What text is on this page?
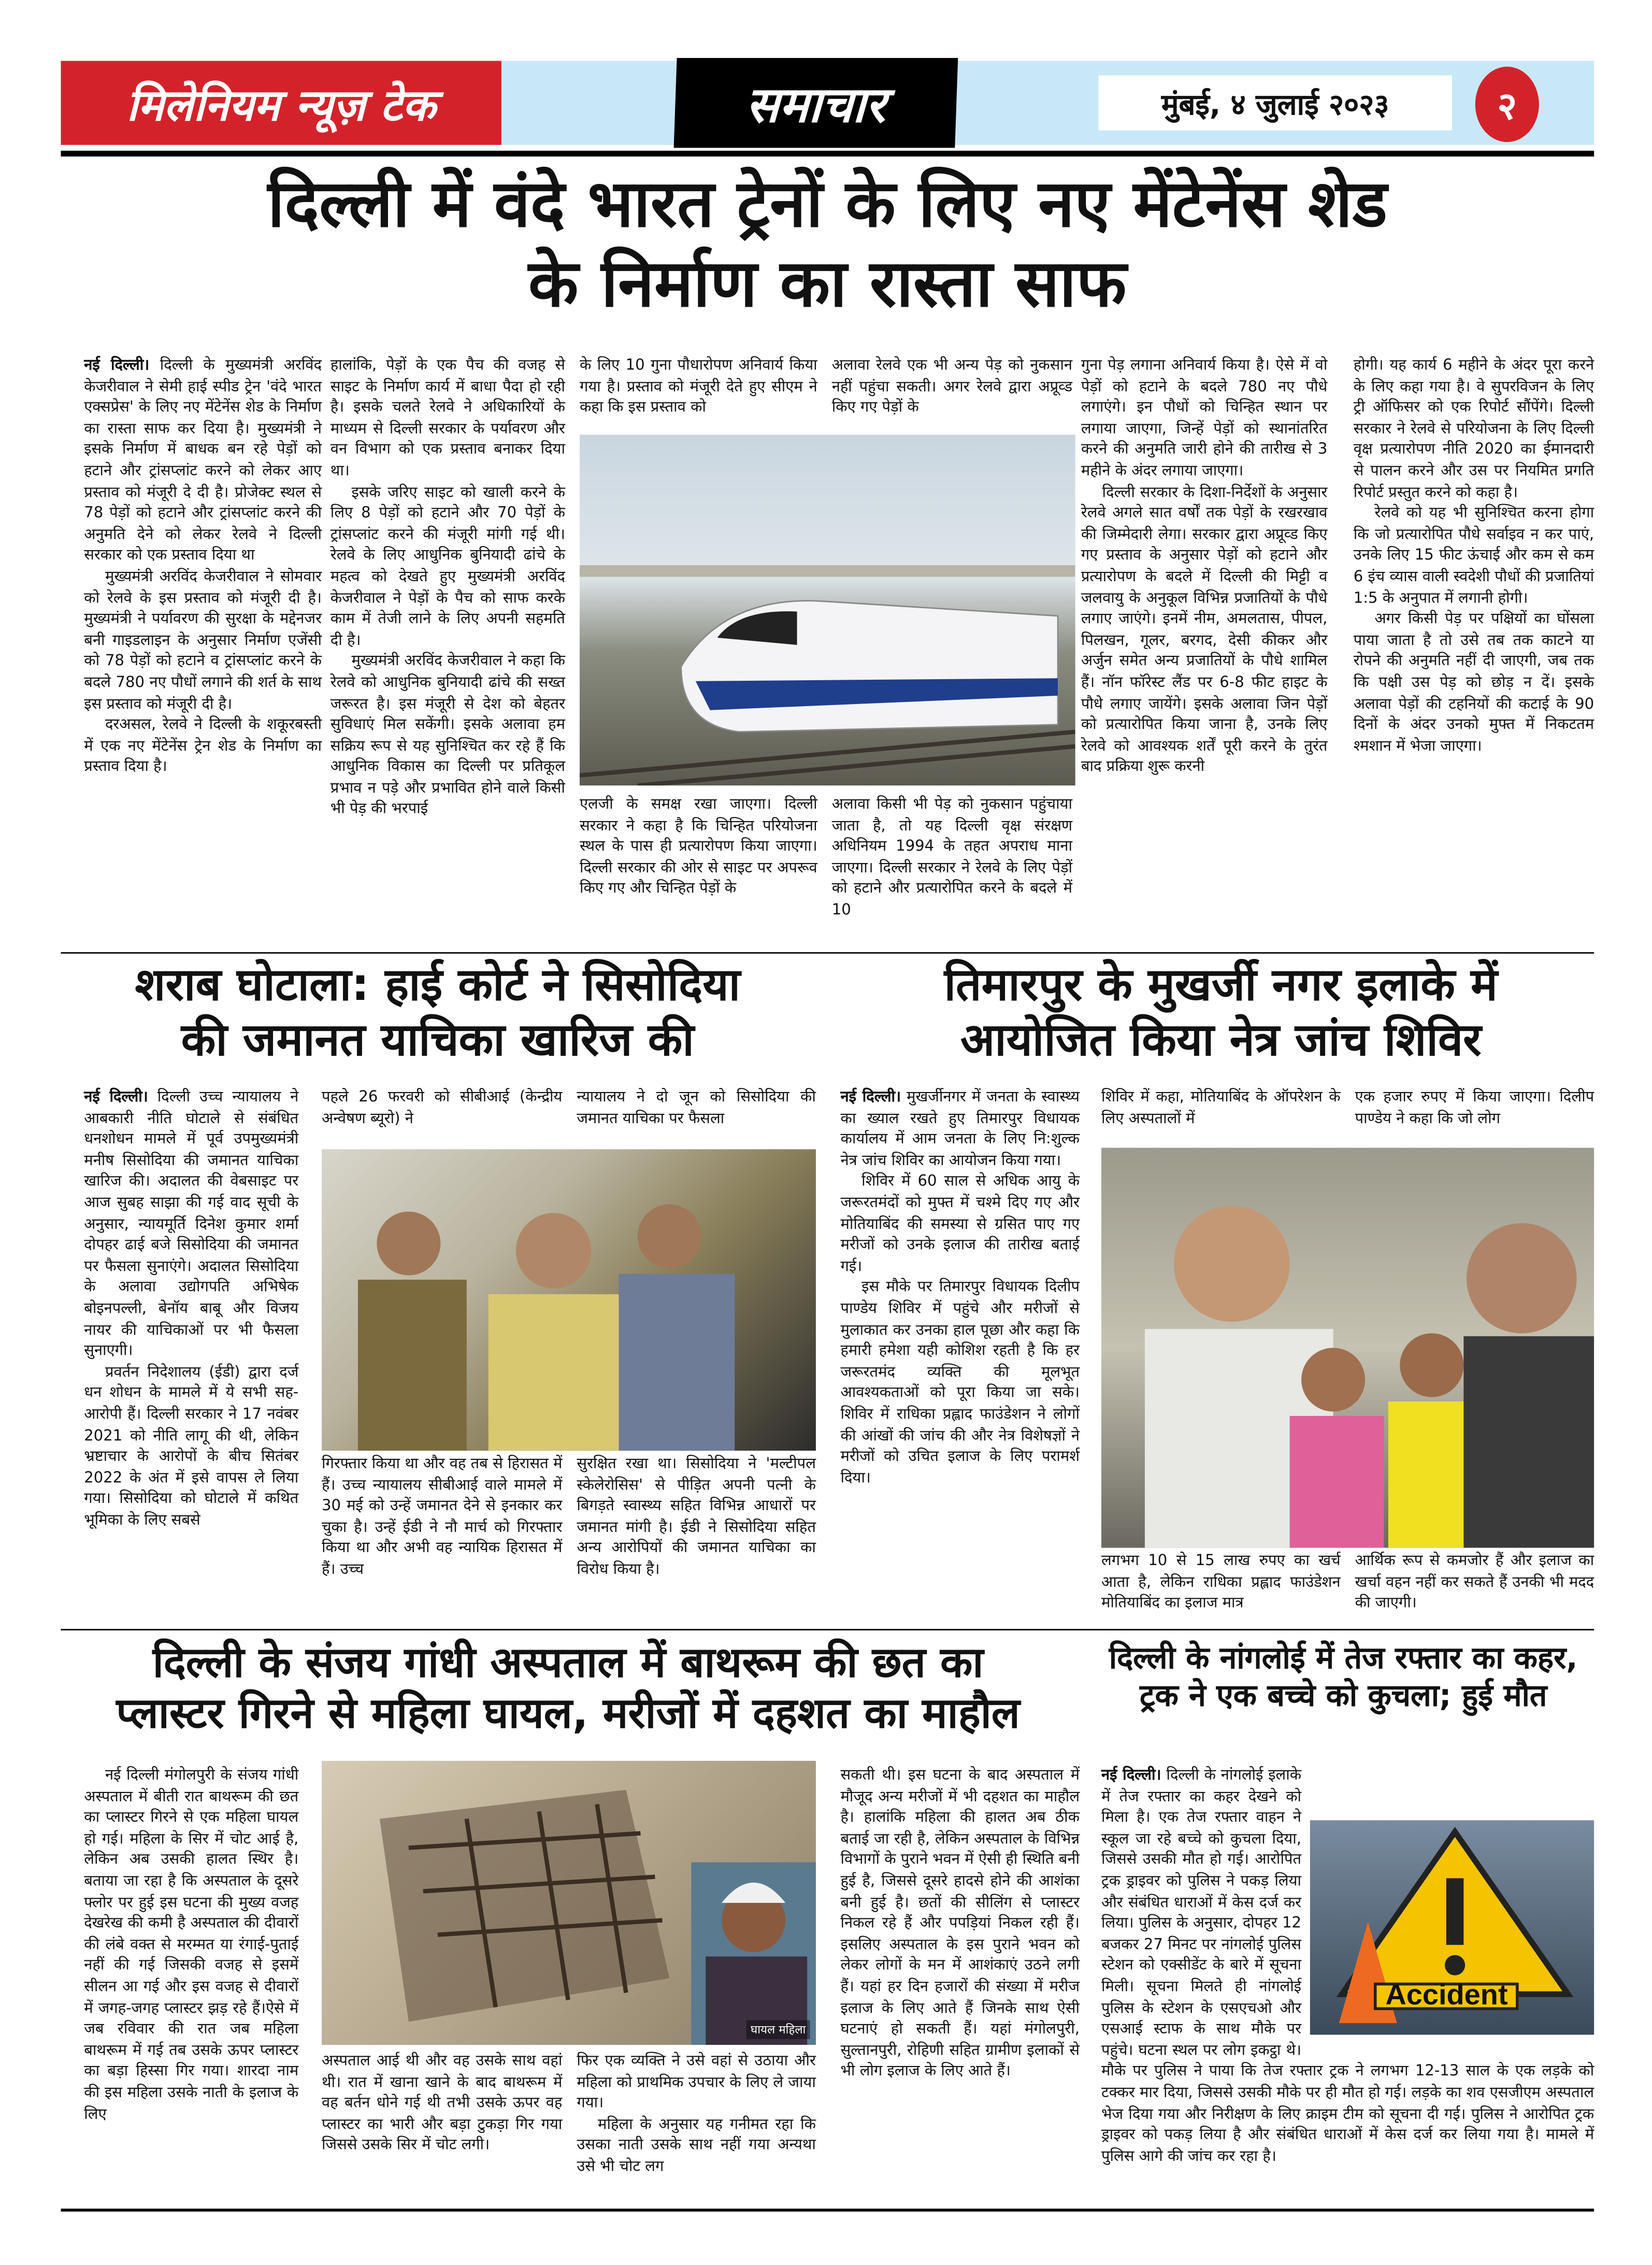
मिलेनियम न्यूज़ टेक	समाचार	मुंबई, ४ जुलाई २०२३	२
दिल्ली में वंदे भारत ट्रेनों के लिए नए मेंटेनेंस शेड
के निर्माण का रास्ता साफ

नई दिल्ली। दिल्ली के मुख्यमंत्री अरविंद केजरीवाल ने सेमी हाई स्पीड ट्रेन 'वंदे भारत एक्सप्रेस' के लिए नए मेंटेनेंस शेड के निर्माण का रास्ता साफ कर दिया है। मुख्यमंत्री ने इसके निर्माण में बाधक बन रहे पेड़ों को हटाने और ट्रांसप्लांट करने को लेकर आए प्रस्ताव को मंजूरी दे दी है। प्रोजेक्ट स्थल से 78 पेड़ों को हटाने और ट्रांसप्लांट करने की अनुमति देने को लेकर रेलवे ने दिल्ली सरकार को एक प्रस्ताव दिया था

मुख्यमंत्री अरविंद केजरीवाल ने सोमवार को रेलवे के इस प्रस्ताव को मंजूरी दी है। मुख्यमंत्री ने पर्यावरण की सुरक्षा के मद्देनजर बनी गाइडलाइन के अनुसार निर्माण एजेंसी को 78 पेड़ों को हटाने व ट्रांसप्लांट करने के बदले 780 नए पौधों लगाने की शर्त के साथ इस प्रस्ताव को मंजूरी दी है।

दरअसल, रेलवे ने दिल्ली के शकूरबस्ती में एक नए मेंटेनेंस ट्रेन शेड के निर्माण का प्रस्ताव दिया है।

हालांकि, पेड़ों के एक पैच की वजह से साइट के निर्माण कार्य में बाधा पैदा हो रही है। इसके चलते रेलवे ने अधिकारियों के माध्यम से दिल्ली सरकार के पर्यावरण और वन विभाग को एक प्रस्ताव बनाकर दिया था।

इसके जरिए साइट को खाली करने के लिए 8 पेड़ों को हटाने और 70 पेड़ों के ट्रांसप्लांट करने की मंजूरी मांगी गई थी। रेलवे के लिए आधुनिक बुनियादी ढांचे के महत्व को देखते हुए मुख्यमंत्री अरविंद केजरीवाल ने पेड़ों के पैच को साफ करके काम में तेजी लाने के लिए अपनी सहमति दी है।

मुख्यमंत्री अरविंद केजरीवाल ने कहा कि रेलवे को आधुनिक बुनियादी ढांचे की सख्त जरूरत है। इस मंजूरी से देश को बेहतर सुविधाएं मिल सकेंगी। इसके अलावा हम सक्रिय रूप से यह सुनिश्चित कर रहे हैं कि आधुनिक विकास का दिल्ली पर प्रतिकूल प्रभाव न पड़े और प्रभावित होने वाले किसी भी पेड़ की भरपाई

के लिए 10 गुना पौधारोपण अनिवार्य किया गया है। प्रस्ताव को मंजूरी देते हुए सीएम ने कहा कि इस प्रस्ताव को

अलावा रेलवे एक भी अन्य पेड़ को नुकसान नहीं पहुंचा सकती। अगर रेलवे द्वारा अप्रूव्ड किए गए पेड़ों के

एलजी के समक्ष रखा जाएगा। दिल्ली सरकार ने कहा है कि चिन्हित परियोजना स्थल के पास ही प्रत्यारोपण किया जाएगा। दिल्ली सरकार की ओर से साइट पर अपरूव किए गए और चिन्हित पेड़ों के

अलावा किसी भी पेड़ को नुकसान पहुंचाया जाता है, तो यह दिल्ली वृक्ष संरक्षण अधिनियम 1994 के तहत अपराध माना जाएगा। दिल्ली सरकार ने रेलवे के लिए पेड़ों को हटाने और प्रत्यारोपित करने के बदले में 10

गुना पेड़ लगाना अनिवार्य किया है। ऐसे में वो पेड़ों को हटाने के बदले 780 नए पौधे लगाएंगे। इन पौधों को चिन्हित स्थान पर लगाया जाएगा, जिन्हें पेड़ों को स्थानांतरित करने की अनुमति जारी होने की तारीख से 3 महीने के अंदर लगाया जाएगा।

दिल्ली सरकार के दिशा-निर्देशों के अनुसार रेलवे अगले सात वर्षों तक पेड़ों के रखरखाव की जिम्मेदारी लेगा। सरकार द्वारा अप्रूव्ड किए गए प्रस्ताव के अनुसार पेड़ों को हटाने और प्रत्यारोपण के बदले में दिल्ली की मिट्टी व जलवायु के अनुकूल विभिन्न प्रजातियों के पौधे लगाए जाएंगे। इनमें नीम, अमलतास, पीपल, पिलखन, गूलर, बरगद, देसी कीकर और अर्जुन समेत अन्य प्रजातियों के पौधे शामिल हैं। नॉन फॉरेस्ट लैंड पर 6-8 फीट हाइट के पौधे लगाए जायेंगे। इसके अलावा जिन पेड़ों को प्रत्यारोपित किया जाना है, उनके लिए रेलवे को आवश्यक शर्तें पूरी करने के तुरंत बाद प्रक्रिया शुरू करनी

होगी। यह कार्य 6 महीने के अंदर पूरा करने के लिए कहा गया है। वे सुपरविजन के लिए ट्री ऑफिसर को एक रिपोर्ट सौंपेंगे। दिल्ली सरकार ने रेलवे से परियोजना के लिए दिल्ली वृक्ष प्रत्यारोपण नीति 2020 का ईमानदारी से पालन करने और उस पर नियमित प्रगति रिपोर्ट प्रस्तुत करने को कहा है।

रेलवे को यह भी सुनिश्चित करना होगा कि जो प्रत्यारोपित पौधे सर्वाइव न कर पाएं, उनके लिए 15 फीट ऊंचाई और कम से कम 6 इंच व्यास वाली स्वदेशी पौधों की प्रजातियां 1:5 के अनुपात में लगानी होगी।

अगर किसी पेड़ पर पक्षियों का घोंसला पाया जाता है तो उसे तब तक काटने या रोपने की अनुमति नहीं दी जाएगी, जब तक कि पक्षी उस पेड़ को छोड़ न दें। इसके अलावा पेड़ों की टहनियों की कटाई के 90 दिनों के अंदर उनको मुफ्त में निकटतम श्मशान में भेजा जाएगा।

शराब घोटाला: हाई कोर्ट ने सिसोदिया
की जमानत याचिका खारिज की

नई दिल्ली। दिल्ली उच्च न्यायालय ने आबकारी नीति घोटाले से संबंधित धनशोधन मामले में पूर्व उपमुख्यमंत्री मनीष सिसोदिया की जमानत याचिका खारिज की। अदालत की वेबसाइट पर आज सुबह साझा की गई वाद सूची के अनुसार, न्यायमूर्ति दिनेश कुमार शर्मा दोपहर ढाई बजे सिसोदिया की जमानत पर फैसला सुनाएंगे। अदालत सिसोदिया के अलावा उद्योगपति अभिषेक बोइनपल्ली, बेनॉय बाबू और विजय नायर की याचिकाओं पर भी फैसला सुनाएगी।

प्रवर्तन निदेशालय (ईडी) द्वारा दर्ज धन शोधन के मामले में ये सभी सह-आरोपी हैं। दिल्ली सरकार ने 17 नवंबर 2021 को नीति लागू की थी, लेकिन भ्रष्टाचार के आरोपों के बीच सितंबर 2022 के अंत में इसे वापस ले लिया गया। सिसोदिया को घोटाले में कथित भूमिका के लिए सबसे

पहले 26 फरवरी को सीबीआई (केन्द्रीय अन्वेषण ब्यूरो) ने

न्यायालय ने दो जून को सिसोदिया की जमानत याचिका पर फैसला

गिरफ्तार किया था और वह तब से हिरासत में हैं। उच्च न्यायालय सीबीआई वाले मामले में 30 मई को उन्हें जमानत देने से इनकार कर चुका है। उन्हें ईडी ने नौ मार्च को गिरफ्तार किया था और अभी वह न्यायिक हिरासत में हैं। उच्च

सुरक्षित रखा था। सिसोदिया ने 'मल्टीपल स्केलेरोसिस' से पीड़ित अपनी पत्नी के बिगड़ते स्वास्थ्य सहित विभिन्न आधारों पर जमानत मांगी है। ईडी ने सिसोदिया सहित अन्य आरोपियों की जमानत याचिका का विरोध किया है।

तिमारपुर के मुखर्जी नगर इलाके में
आयोजित किया नेत्र जांच शिविर

नई दिल्ली। मुखर्जीनगर में जनता के स्वास्थ्य का ख्याल रखते हुए तिमारपुर विधायक कार्यालय में आम जनता के लिए नि:शुल्क नेत्र जांच शिविर का आयोजन किया गया।

शिविर में 60 साल से अधिक आयु के जरूरतमंदों को मुफ्त में चश्मे दिए गए और मोतियाबिंद की समस्या से ग्रसित पाए गए मरीजों को उनके इलाज की तारीख बताई गई।

इस मौके पर तिमारपुर विधायक दिलीप पाण्डेय शिविर में पहुंचे और मरीजों से मुलाकात कर उनका हाल पूछा और कहा कि हमारी हमेशा यही कोशिश रहती है कि हर जरूरतमंद व्यक्ति की मूलभूत आवश्यकताओं को पूरा किया जा सके। शिविर में राधिका प्रह्लाद फाउंडेशन ने लोगों की आंखों की जांच की और नेत्र विशेषज्ञों ने मरीजों को उचित इलाज के लिए परामर्श दिया।

शिविर में कहा, मोतियाबिंद के ऑपरेशन के लिए अस्पतालों में

एक हजार रुपए में किया जाएगा। दिलीप पाण्डेय ने कहा कि जो लोग

लगभग 10 से 15 लाख रुपए का खर्च आता है, लेकिन राधिका प्रह्लाद फाउंडेशन मोतियाबिंद का इलाज मात्र

आर्थिक रूप से कमजोर हैं और इलाज का खर्चा वहन नहीं कर सकते हैं उनकी भी मदद की जाएगी।

दिल्ली के संजय गांधी अस्पताल में बाथरूम की छत का
प्लास्टर गिरने से महिला घायल, मरीजों में दहशत का माहौल

नई दिल्ली मंगोलपुरी के संजय गांधी अस्पताल में बीती रात बाथरूम की छत का प्लास्टर गिरने से एक महिला घायल हो गई। महिला के सिर में चोट आई है, लेकिन अब उसकी हालत स्थिर है। बताया जा रहा है कि अस्पताल के दूसरे फ्लोर पर हुई इस घटना की मुख्य वजह देखरेख की कमी है अस्पताल की दीवारों की लंबे वक्त से मरम्मत या रंगाई-पुताई नहीं की गई जिसकी वजह से इसमें सीलन आ गई और इस वजह से दीवारों में जगह-जगह प्लास्टर झड़ रहे हैं।ऐसे में जब रविवार की रात जब महिला बाथरूम में गई तब उसके ऊपर प्लास्टर का बड़ा हिस्सा गिर गया। शारदा नाम की इस महिला उसके नाती के इलाज के लिए

घायल महिला

अस्पताल आई थी और वह उसके साथ वहां थी। रात में खाना खाने के बाद बाथरूम में वह बर्तन धोने गई थी तभी उसके ऊपर वह प्लास्टर का भारी और बड़ा टुकड़ा गिर गया जिससे उसके सिर में चोट लगी।

फिर एक व्यक्ति ने उसे वहां से उठाया और महिला को प्राथमिक उपचार के लिए ले जाया गया।

महिला के अनुसार यह गनीमत रहा कि उसका नाती उसके साथ नहीं गया अन्यथा उसे भी चोट लग

सकती थी। इस घटना के बाद अस्पताल में मौजूद अन्य मरीजों में भी दहशत का माहौल है। हालांकि महिला की हालत अब ठीक बताई जा रही है, लेकिन अस्पताल के विभिन्न विभागों के पुराने भवन में ऐसी ही स्थिति बनी हुई है, जिससे दूसरे हादसे होने की आशंका बनी हुई है। छतों की सीलिंग से प्लास्टर निकल रहे हैं और पपड़ियां निकल रही हैं। इसलिए अस्पताल के इस पुराने भवन को लेकर लोगों के मन में आशंकाएं उठने लगी हैं। यहां हर दिन हजारों की संख्या में मरीज इलाज के लिए आते हैं जिनके साथ ऐसी घटनाएं हो सकती हैं। यहां मंगोलपुरी, सुल्तानपुरी, रोहिणी सहित ग्रामीण इलाकों से भी लोग इलाज के लिए आते हैं।

दिल्ली के नांगलोई में तेज रफ्तार का कहर,
ट्रक ने एक बच्चे को कुचला; हुई मौत
Accident

नई दिल्ली। दिल्ली के नांगलोई इलाके में तेज रफ्तार का कहर देखने को मिला है। एक तेज रफ्तार वाहन ने स्कूल जा रहे बच्चे को कुचला दिया, जिससे उसकी मौत हो गई। आरोपित ट्रक ड्राइवर को पुलिस ने पकड़ लिया और संबंधित धाराओं में केस दर्ज कर लिया। पुलिस के अनुसार, दोपहर 12 बजकर 27 मिनट पर नांगलोई पुलिस स्टेशन को एक्सीडेंट के बारे में सूचना मिली। सूचना मिलते ही नांगलोई पुलिस के स्टेशन के एसएचओ और एसआई स्टाफ के साथ मौके पर पहुंचे। घटना स्थल पर लोग इकट्ठा थे। मौके पर पुलिस ने पाया कि तेज रफ्तार ट्रक ने लगभग 12-13 साल के एक लड़के को टक्कर मार दिया, जिससे उसकी मौके पर ही मौत हो गई। लड़के का शव एसजीएम अस्पताल भेज दिया गया और निरीक्षण के लिए क्राइम टीम को सूचना दी गई। पुलिस ने आरोपित ट्रक ड्राइवर को पकड़ लिया है और संबंधित धाराओं में केस दर्ज कर लिया गया है। मामले में पुलिस आगे की जांच कर रहा है।
